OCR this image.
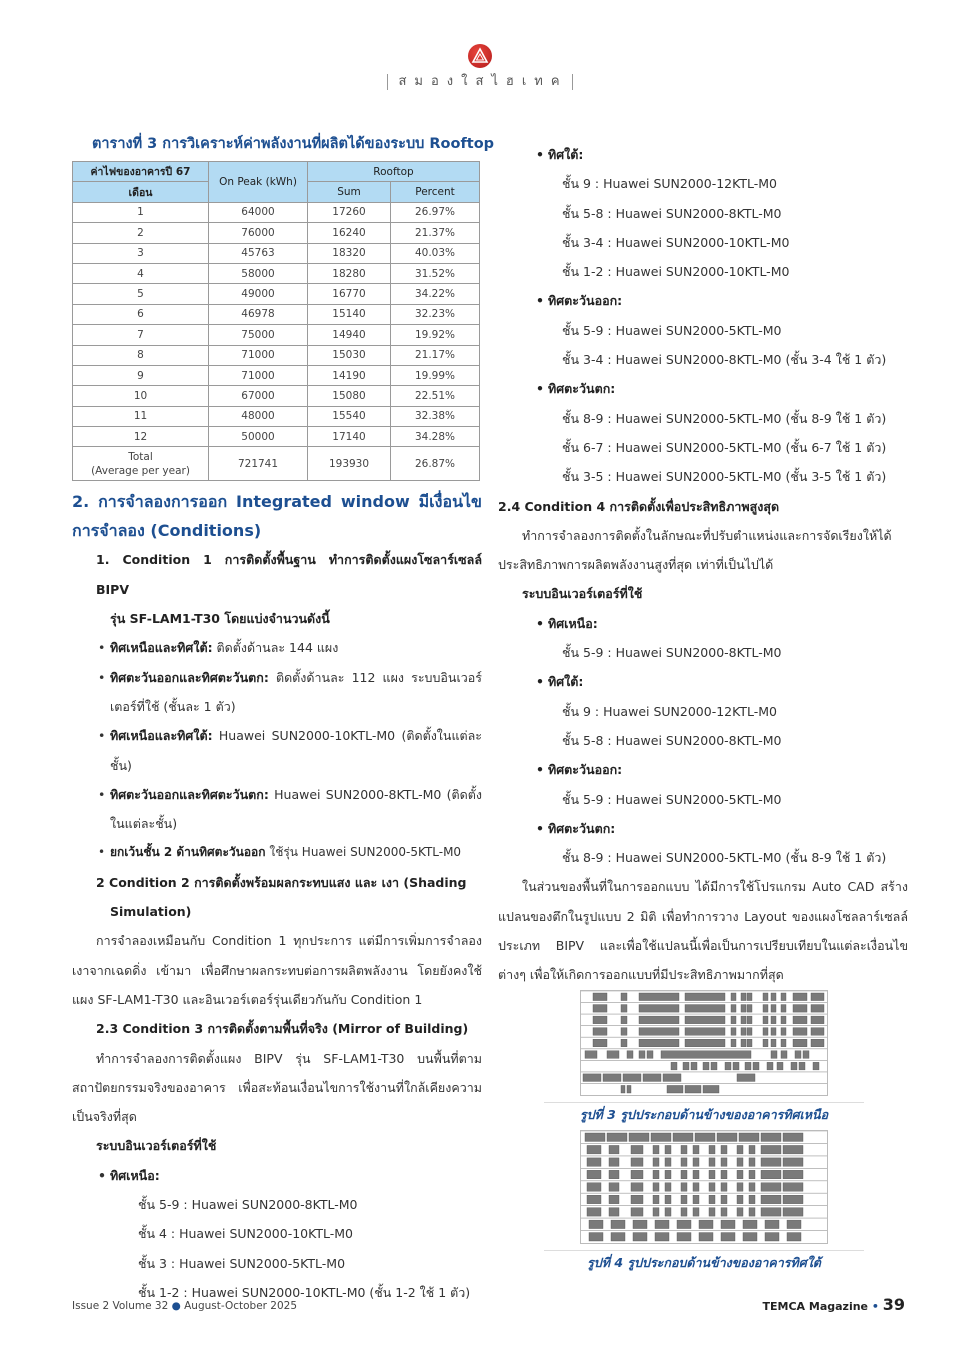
สมองใสไฮเทค
ตารางที่ 3 การวิเคราะห์ค่าพลังงานที่ผลิตได้ของระบบ Rooftop
ค่าไฟของอาคารปี 67	On Peak (kWh)	Rooftop	
เดือน		Sum	Percent
1	64000	17260	26.97%
2	76000	16240	21.37%
3	45763	18320	40.03%
4	58000	18280	31.52%
5	49000	16770	34.22%
6	46978	15140	32.23%
7	75000	14940	19.92%
8	71000	15030	21.17%
9	71000	14190	19.99%
10	67000	15080	22.51%
11	48000	15540	32.38%
12	50000	17140	34.28%
Total
(Average per year)	721741	193930	26.87%
2. การจำลองการออก Integrated window มีเงื่อนไข การจำลอง (Conditions)
1. Condition 1 การติดตั้งพื้นฐาน ทำการติดตั้งแผงโซลาร์เซลล์ BIPV
รุ่น SF-LAM1-T30 โดยแบ่งจำนวนดังนี้
• ทิศเหนือและทิศใต้: ติดตั้งด้านละ 144 แผง
• ทิศตะวันออกและทิศตะวันตก: ติดตั้งด้านละ 112 แผง ระบบอินเวอร์เตอร์ที่ใช้ (ชั้นละ 1 ตัว)
• ทิศเหนือและทิศใต้: Huawei SUN2000-10KTL-M0 (ติดตั้งในแต่ละชั้น)
• ทิศตะวันออกและทิศตะวันตก: Huawei SUN2000-8KTL-M0 (ติดตั้งในแต่ละชั้น)
• ยกเว้นชั้น 2 ด้านทิศตะวันออก ใช้รุ่น Huawei SUN2000-5KTL-M0
2 Condition 2 การติดตั้งพร้อมผลกระทบแสง และ เงา (Shading
Simulation)
การจำลองเหมือนกับ Condition 1 ทุกประการ แต่มีการเพิ่มการจำลองเงาจากเฉดดิ่ง เข้ามา เพื่อศึกษาผลกระทบต่อการผลิตพลังงาน โดยยังคงใช้แผง SF-LAM1-T30 และอินเวอร์เตอร์รุ่นเดียวกันกับ Condition 1
2.3 Condition 3 การติดตั้งตามพื้นที่จริง (Mirror of Building)
ทำการจำลองการติดตั้งแผง BIPV รุ่น SF-LAM1-T30 บนพื้นที่ตามสถาปัตยกรรมจริงของอาคาร เพื่อสะท้อนเงื่อนไขการใช้งานที่ใกล้เคียงความเป็นจริงที่สุด
ระบบอินเวอร์เตอร์ที่ใช้
• ทิศเหนือ:
ชั้น 5-9 : Huawei SUN2000-8KTL-M0
ชั้น 4 : Huawei SUN2000-10KTL-M0
ชั้น 3 : Huawei SUN2000-5KTL-M0
ชั้น 1-2 : Huawei SUN2000-10KTL-M0 (ชั้น 1-2 ใช้ 1 ตัว)
• ทิศใต้:
ชั้น 9 : Huawei SUN2000-12KTL-M0
ชั้น 5-8 : Huawei SUN2000-8KTL-M0
ชั้น 3-4 : Huawei SUN2000-10KTL-M0
ชั้น 1-2 : Huawei SUN2000-10KTL-M0
• ทิศตะวันออก:
ชั้น 5-9 : Huawei SUN2000-5KTL-M0
ชั้น 3-4 : Huawei SUN2000-8KTL-M0 (ชั้น 3-4 ใช้ 1 ตัว)
• ทิศตะวันตก:
ชั้น 8-9 : Huawei SUN2000-5KTL-M0 (ชั้น 8-9 ใช้ 1 ตัว)
ชั้น 6-7 : Huawei SUN2000-5KTL-M0 (ชั้น 6-7 ใช้ 1 ตัว)
ชั้น 3-5 : Huawei SUN2000-5KTL-M0 (ชั้น 3-5 ใช้ 1 ตัว)
2.4 Condition 4 การติดตั้งเพื่อประสิทธิภาพสูงสุด
ทำการจำลองการติดตั้งในลักษณะที่ปรับตำแหน่งและการจัดเรียงให้ได้ ประสิทธิภาพการผลิตพลังงานสูงที่สุด เท่าที่เป็นไปได้
ระบบอินเวอร์เตอร์ที่ใช้
• ทิศเหนือ:
ชั้น 5-9 : Huawei SUN2000-8KTL-M0
• ทิศใต้:
ชั้น 9 : Huawei SUN2000-12KTL-M0
ชั้น 5-8 : Huawei SUN2000-8KTL-M0
• ทิศตะวันออก:
ชั้น 5-9 : Huawei SUN2000-5KTL-M0
• ทิศตะวันตก:
ชั้น 8-9 : Huawei SUN2000-5KTL-M0 (ชั้น 8-9 ใช้ 1 ตัว)
ในส่วนของพื้นที่ในการออกแบบ ได้มีการใช้โปรแกรม Auto CAD สร้างแปลนของตึกในรูปแบบ 2 มิติ เพื่อทำการวาง Layout ของแผงโซลลาร์เซลล์ประเภท BIPV และเพื่อใช้แปลนนี้เพื่อเป็นการเปรียบเทียบในแต่ละเงื่อนไขต่างๆ เพื่อให้เกิดการออกแบบที่มีประสิทธิภาพมากที่สุด
รูปที่ 3 รูปประกอบด้านข้างของอาคารทิศเหนือ
รูปที่ 4 รูปประกอบด้านข้างของอาคารทิศใต้
Issue 2 Volume 32 ● August-October 2025	TEMCA Magazine • 39
